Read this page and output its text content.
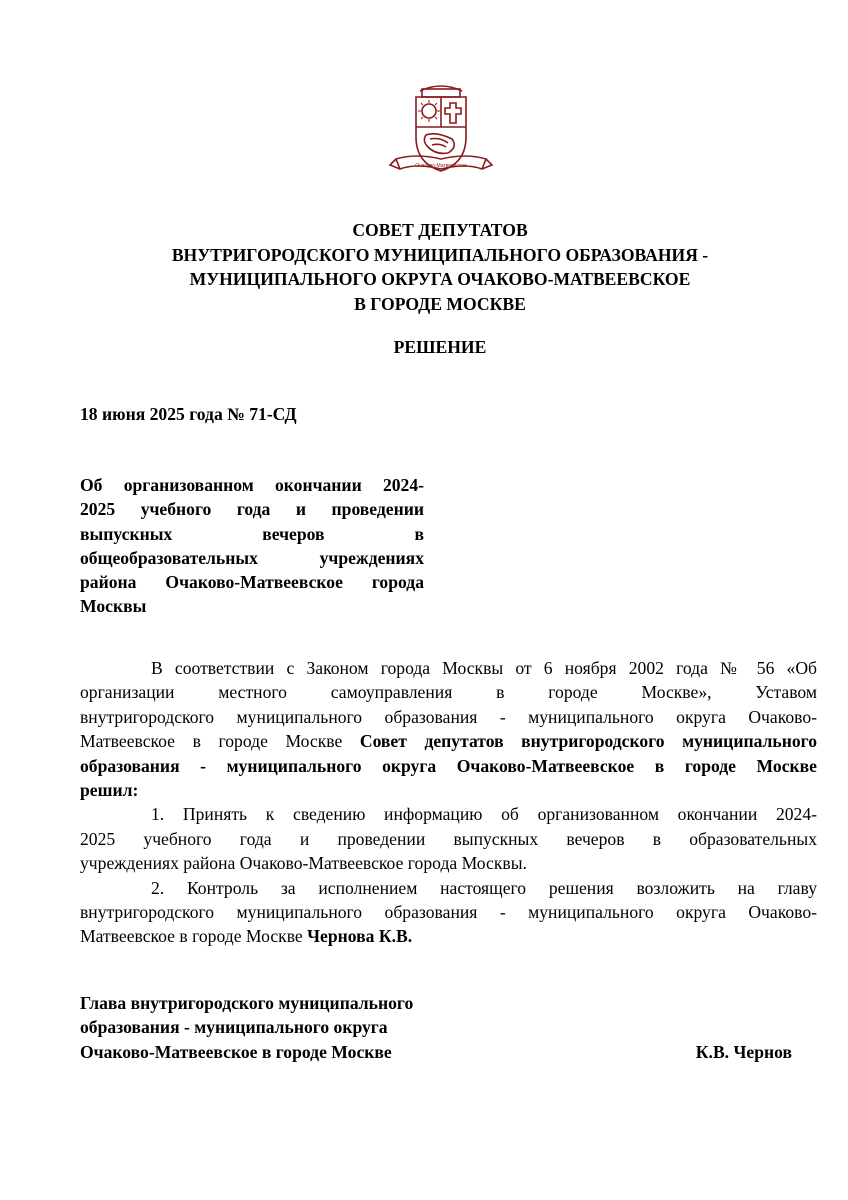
Очаково-Матвеевское
СОВЕТ ДЕПУТАТОВ
ВНУТРИГОРОДСКОГО МУНИЦИПАЛЬНОГО ОБРАЗОВАНИЯ -
МУНИЦИПАЛЬНОГО ОКРУГА ОЧАКОВО-МАТВЕЕВСКОЕ
В ГОРОДЕ МОСКВЕ
РЕШЕНИЕ
18 июня 2025 года № 71-СД
Об организованном окончании 2024-
2025 учебного года и проведении
выпускных вечеров в
общеобразовательных учреждениях
района Очаково-Матвеевское города
Москвы
В соответствии с Законом города Москвы от 6 ноября 2002 года № 56 «Об
организации местного самоуправления в городе Москве», Уставом
внутригородского муниципального образования - муниципального округа Очаково-
Матвеевское в городе Москве Совет депутатов внутригородского муниципального
образования - муниципального округа Очаково-Матвеевское в городе Москве
решил:
1. Принять к сведению информацию об организованном окончании 2024-
2025 учебного года и проведении выпускных вечеров в образовательных
учреждениях района Очаково-Матвеевское города Москвы.
2. Контроль за исполнением настоящего решения возложить на главу
внутригородского муниципального образования - муниципального округа Очаково-
Матвеевское в городе Москве Чернова К.В.
Глава внутригородского муниципального
образования - муниципального округа
Очаково-Матвеевское в городе Москве	К.В. Чернов
